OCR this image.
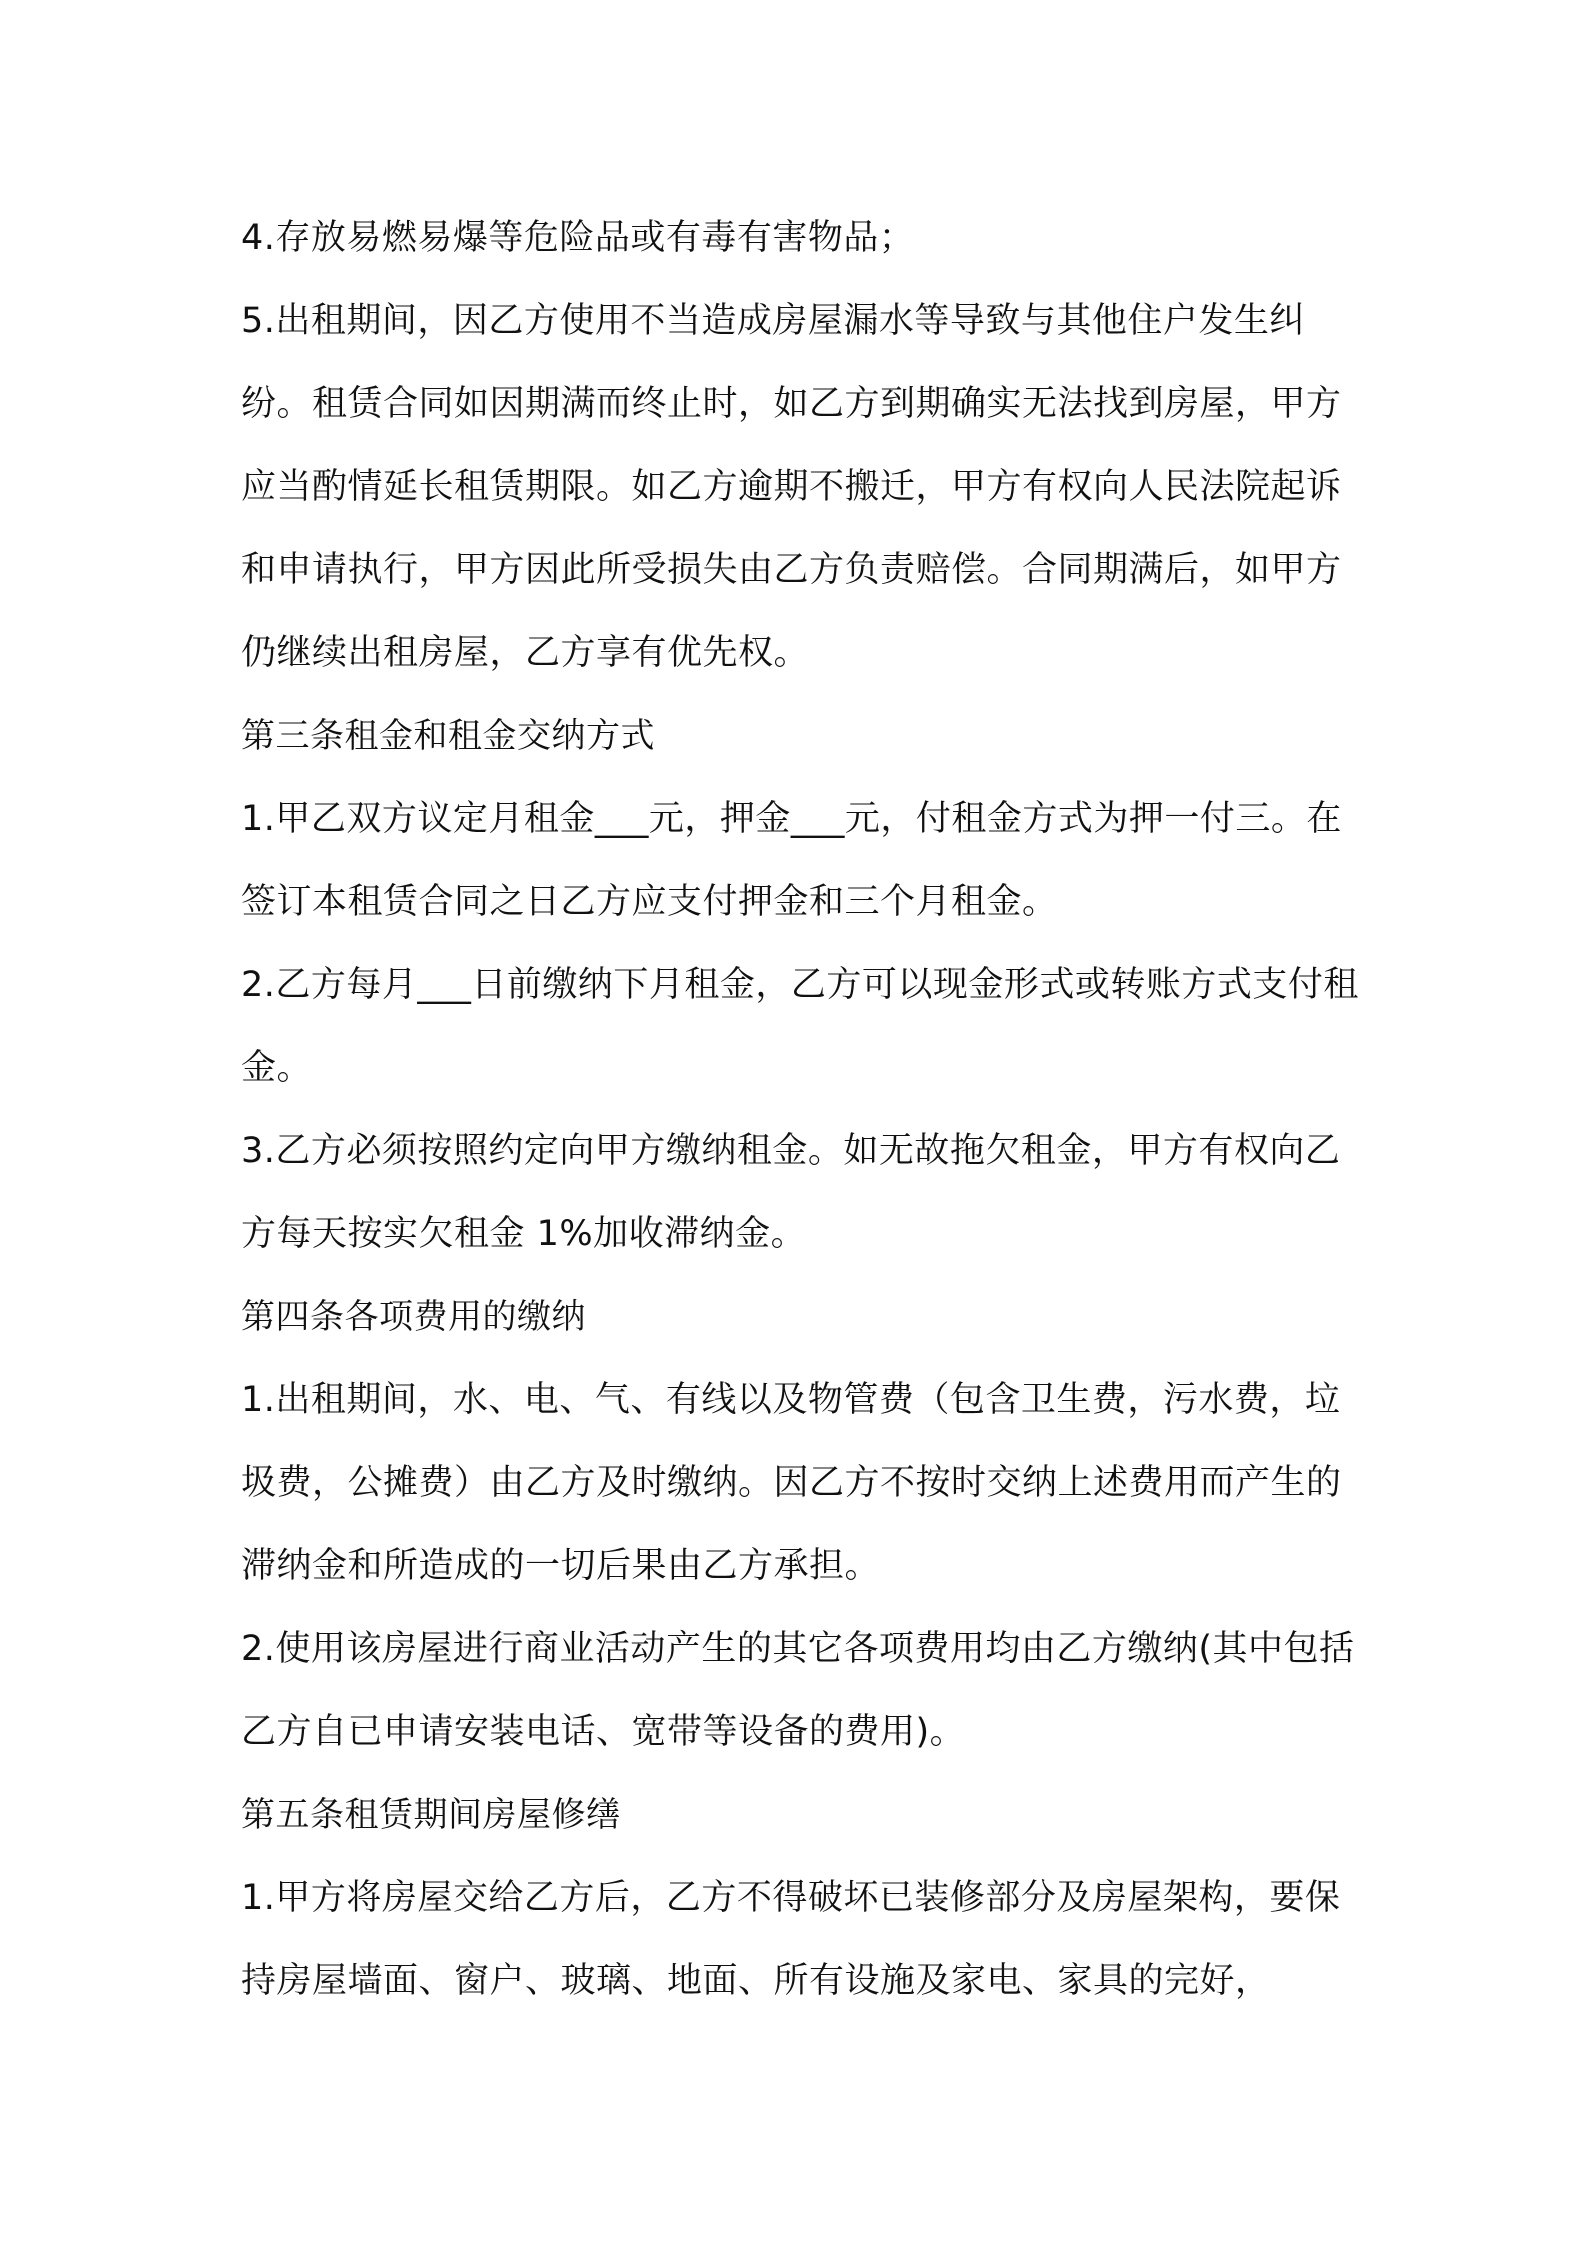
4.存放易燃易爆等危险品或有毒有害物品；

5.出租期间，因乙方使用不当造成房屋漏水等导致与其他住户发生纠纷。租赁合同如因期满而终止时，如乙方到期确实无法找到房屋，甲方应当酌情延长租赁期限。如乙方逾期不搬迁，甲方有权向人民法院起诉和申请执行，甲方因此所受损失由乙方负责赔偿。合同期满后，如甲方仍继续出租房屋，乙方享有优先权。

第三条租金和租金交纳方式

1.甲乙双方议定月租金___元，押金___元，付租金方式为押一付三。在签订本租赁合同之日乙方应支付押金和三个月租金。

2.乙方每月___日前缴纳下月租金，乙方可以现金形式或转账方式支付租金。

3.乙方必须按照约定向甲方缴纳租金。如无故拖欠租金，甲方有权向乙方每天按实欠租金 1%加收滞纳金。

第四条各项费用的缴纳

1.出租期间，水、电、气、有线以及物管费（包含卫生费，污水费，垃圾费，公摊费）由乙方及时缴纳。因乙方不按时交纳上述费用而产生的滞纳金和所造成的一切后果由乙方承担。

2.使用该房屋进行商业活动产生的其它各项费用均由乙方缴纳(其中包括乙方自已申请安装电话、宽带等设备的费用)。

第五条租赁期间房屋修缮

1.甲方将房屋交给乙方后，乙方不得破坏已装修部分及房屋架构，要保持房屋墙面、窗户、玻璃、地面、所有设施及家电、家具的完好，
